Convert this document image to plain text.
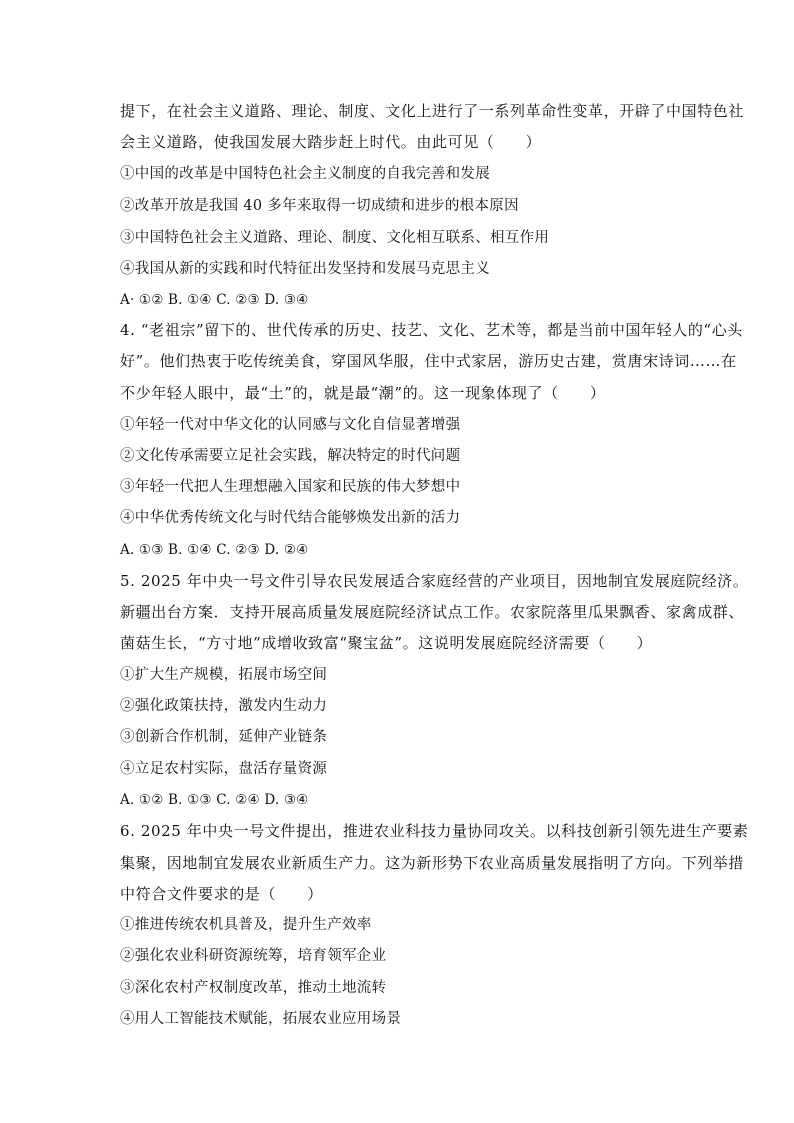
提下，在社会主义道路、理论、制度、文化上进行了一系列革命性变革，开辟了中国特色社
会主义道路，使我国发展大踏步赶上时代。由此可见（　　）
①中国的改革是中国特色社会主义制度的自我完善和发展
②改革开放是我国 40 多年来取得一切成绩和进步的根本原因
③中国特色社会主义道路、理论、制度、文化相互联系、相互作用
④我国从新的实践和时代特征出发坚持和发展马克思主义
A· ①② B. ①④ C. ②③ D. ③④
4. “老祖宗”留下的、世代传承的历史、技艺、文化、艺术等，都是当前中国年轻人的“心头
好”。他们热衷于吃传统美食，穿国风华服，住中式家居，游历史古建，赏唐宋诗词……在
不少年轻人眼中，最“土”的，就是最“潮”的。这一现象体现了（　　）
①年轻一代对中华文化的认同感与文化自信显著增强
②文化传承需要立足社会实践，解决特定的时代问题
③年轻一代把人生理想融入国家和民族的伟大梦想中
④中华优秀传统文化与时代结合能够焕发出新的活力
A. ①③ B. ①④ C. ②③ D. ②④
5. 2025 年中央一号文件引导农民发展适合家庭经营的产业项目，因地制宜发展庭院经济。
新疆出台方案．支持开展高质量发展庭院经济试点工作。农家院落里瓜果飘香、家禽成群、
菌菇生长，“方寸地”成增收致富“聚宝盆”。这说明发展庭院经济需要（　　）
①扩大生产规模，拓展市场空间
②强化政策扶持，激发内生动力
③创新合作机制，延伸产业链条
④立足农村实际，盘活存量资源
A. ①② B. ①③ C. ②④ D. ③④
6. 2025 年中央一号文件提出，推进农业科技力量协同攻关。以科技创新引领先进生产要素
集聚，因地制宜发展农业新质生产力。这为新形势下农业高质量发展指明了方向。下列举措
中符合文件要求的是（　　）
①推进传统农机具普及，提升生产效率
②强化农业科研资源统筹，培育领军企业
③深化农村产权制度改革，推动土地流转
④用人工智能技术赋能，拓展农业应用场景
